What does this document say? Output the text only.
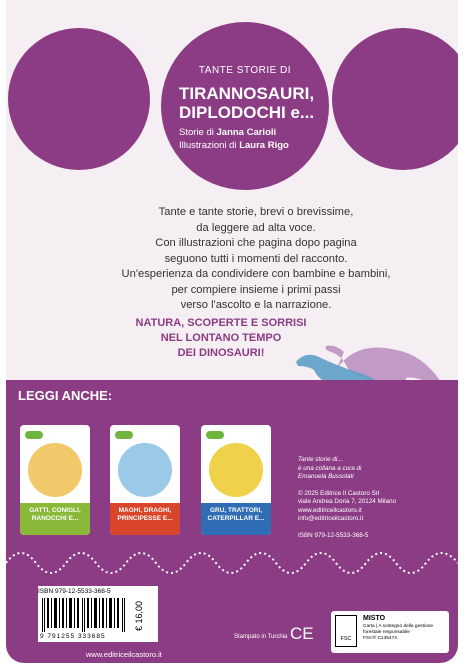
TANTE STORIE DI
TIRANNOSAURI,
DIPLODOCHI e...
Storie di Janna Carioli
Illustrazioni di Laura Rigo
Tante e tante storie, brevi o brevissime,
da leggere ad alta voce.
Con illustrazioni che pagina dopo pagina
seguono tutti i momenti del racconto.
Un'esperienza da condividere con bambine e bambini,
per compiere insieme i primi passi
verso l'ascolto e la narrazione.
NATURA, SCOPERTE E SORRISI
NEL LONTANO TEMPO
DEI DINOSAURI!
LEGGI ANCHE:
GATTI, CONIGLI, RANOCCHI E...
MAGHI, DRAGHI, PRINCIPESSE E...
GRU, TRATTORI, CATERPILLAR E...
Tante storie di...
è una collana a cura di
Emanuela Bussolati
© 2025 Editrice Il Castoro Srl
viale Andrea Doria 7, 20124 Milano
www.editriceilcastoro.it
info@editriceilcastoro.it
ISBN 979-12-5533-368-5
ISBN 979-12-5533-368-5
9 791255 333685
€ 16,00
www.editriceilcastoro.it
Stampato in Turchia CE	FSC
MISTO
Carta | A sostegno della gestione forestale responsabile
FSC® C135474
